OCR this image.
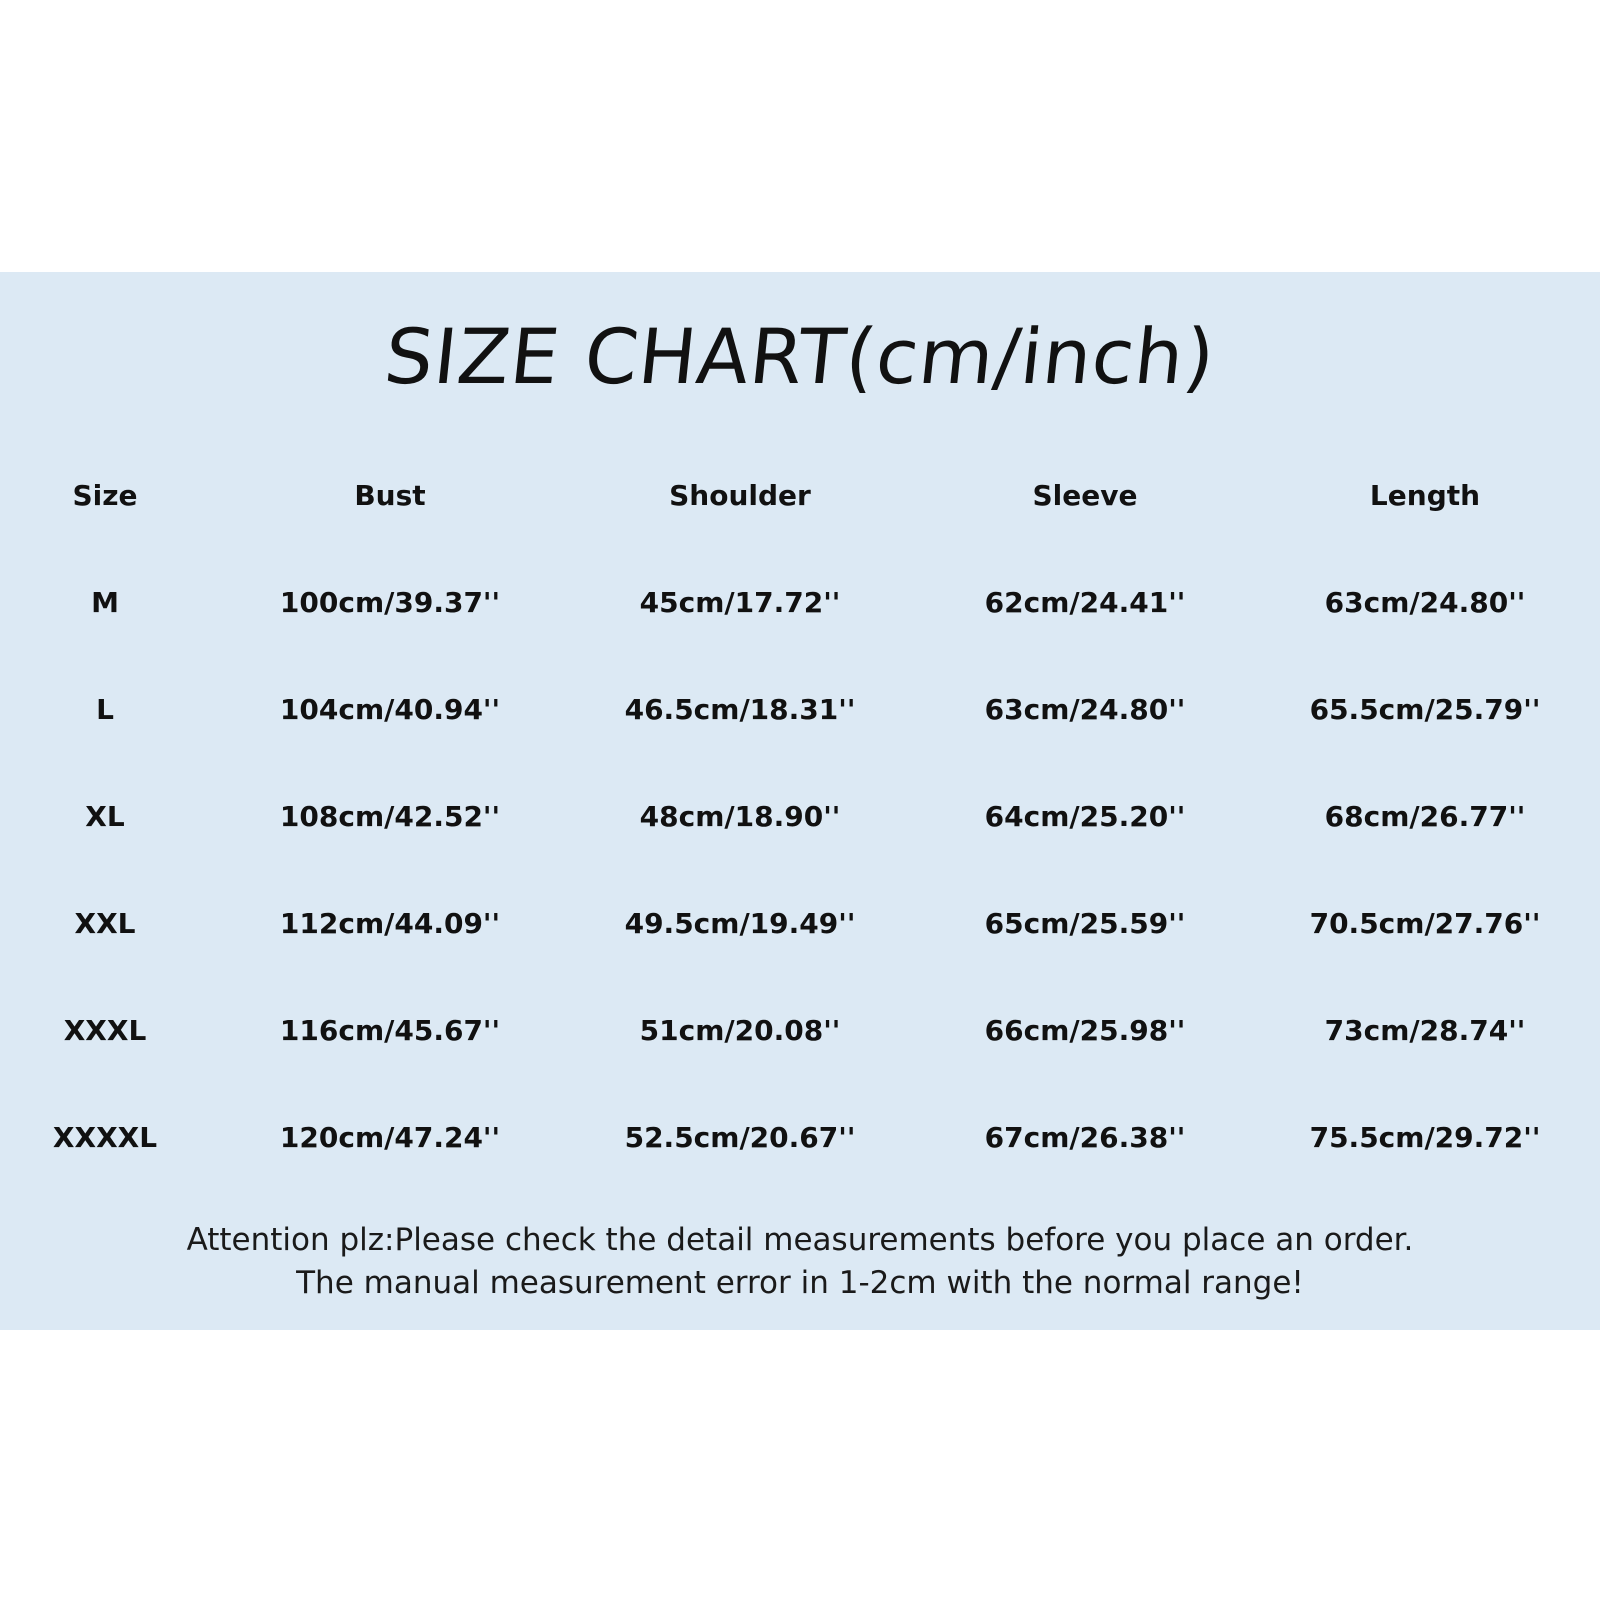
SIZE CHART(cm/inch)
Size	Bust	Shoulder	Sleeve	Length
M	100cm/39.37''	45cm/17.72''	62cm/24.41''	63cm/24.80''
L	104cm/40.94''	46.5cm/18.31''	63cm/24.80''	65.5cm/25.79''
XL	108cm/42.52''	48cm/18.90''	64cm/25.20''	68cm/26.77''
XXL	112cm/44.09''	49.5cm/19.49''	65cm/25.59''	70.5cm/27.76''
XXXL	116cm/45.67''	51cm/20.08''	66cm/25.98''	73cm/28.74''
XXXXL	120cm/47.24''	52.5cm/20.67''	67cm/26.38''	75.5cm/29.72''
Attention plz:Please check the detail measurements before you place an order.
The manual measurement error in 1-2cm with the normal range!
